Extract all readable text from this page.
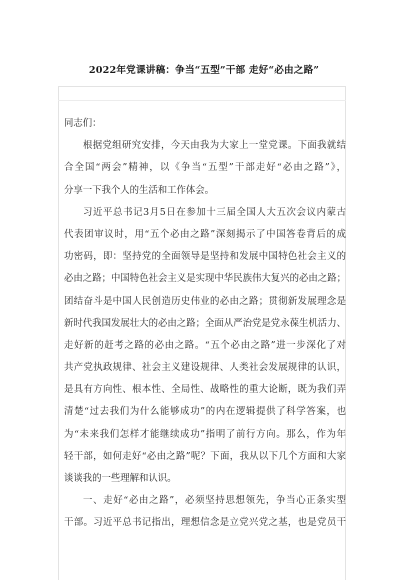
2022年党课讲稿：争当“五型”干部 走好“必由之路”
同志们：
根据党组研究安排，今天由我为大家上一堂党课。下面我就结
合全国“两会”精神，以《争当“五型”干部走好“必由之路”》，
分享一下我个人的生活和工作体会。
习近平总书记3月5日在参加十三届全国人大五次会议内蒙古
代表团审议时，用“五个必由之路”深刻揭示了中国答卷背后的成
功密码，即：坚持党的全面领导是坚持和发展中国特色社会主义的
必由之路；中国特色社会主义是实现中华民族伟大复兴的必由之路；
团结奋斗是中国人民创造历史伟业的必由之路；贯彻新发展理念是
新时代我国发展壮大的必由之路；全面从严治党是党永葆生机活力、
走好新的赶考之路的必由之路。“五个必由之路”进一步深化了对
共产党执政规律、社会主义建设规律、人类社会发展规律的认识，
是具有方向性、根本性、全局性、战略性的重大论断，既为我们弄
清楚“过去我们为什么能够成功”的内在逻辑提供了科学答案，也
为“未来我们怎样才能继续成功”指明了前行方向。那么，作为年
轻干部，如何走好“必由之路”呢？下面，我从以下几个方面和大家
谈谈我的一些理解和认识。
一、走好“必由之路”，必须坚持思想领先，争当心正条实型
干部。习近平总书记指出，理想信念是立党兴党之基，也是党员干
